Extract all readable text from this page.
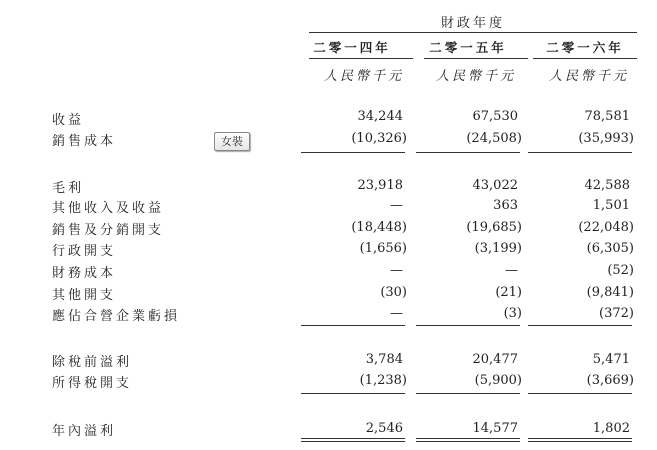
財政年度
二零一四年	二零一五年	二零一六年
人民幣千元	人民幣千元	人民幣千元
女裝
收益	34,244	67,530	78,581
銷售成本	(10,326)	(24,508)	(35,993)
毛利	23,918	43,022	42,588
其他收入及收益	—	363	1,501
銷售及分銷開支	(18,448)	(19,685)	(22,048)
行政開支	(1,656)	(3,199)	(6,305)
財務成本	—	—	(52)
其他開支	(30)	(21)	(9,841)
應佔合營企業虧損	—	(3)	(372)
除稅前溢利	3,784	20,477	5,471
所得稅開支	(1,238)	(5,900)	(3,669)
年內溢利	2,546	14,577	1,802
